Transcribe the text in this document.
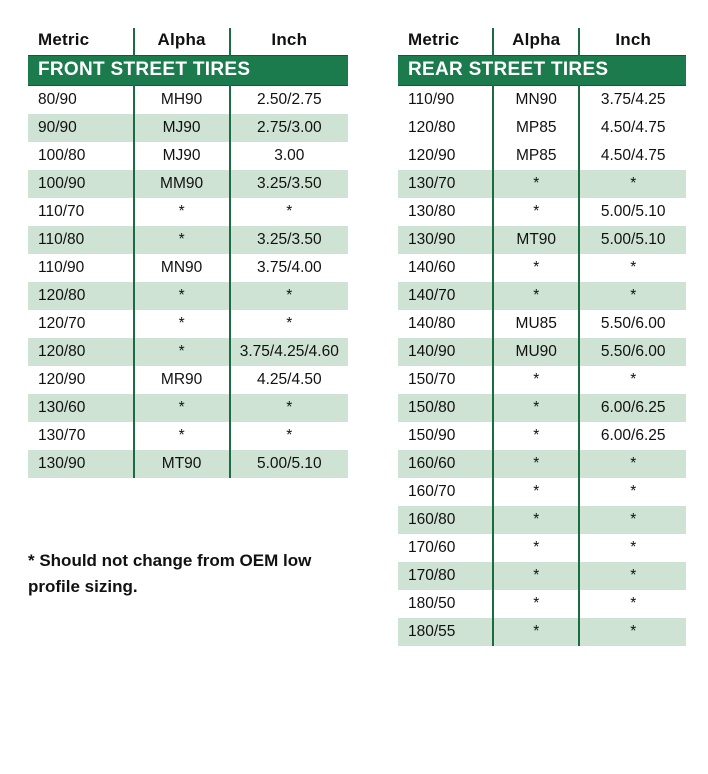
Metric	Alpha	Inch
FRONT STREET TIRES		
80/90	MH90	2.50/2.75
90/90	MJ90	2.75/3.00
100/80	MJ90	3.00
100/90	MM90	3.25/3.50
110/70	*	*
110/80	*	3.25/3.50
110/90	MN90	3.75/4.00
120/80	*	*
120/70	*	*
120/80	*	3.75/4.25/4.60
120/90	MR90	4.25/4.50
130/60	*	*
130/70	*	*
130/90	MT90	5.00/5.10
Metric	Alpha	Inch
REAR STREET TIRES		
110/90	MN90	3.75/4.25
120/80	MP85	4.50/4.75
120/90	MP85	4.50/4.75
130/70	*	*
130/80	*	5.00/5.10
130/90	MT90	5.00/5.10
140/60	*	*
140/70	*	*
140/80	MU85	5.50/6.00
140/90	MU90	5.50/6.00
150/70	*	*
150/80	*	6.00/6.25
150/90	*	6.00/6.25
160/60	*	*
160/70	*	*
160/80	*	*
170/60	*	*
170/80	*	*
180/50	*	*
180/55	*	*
* Should not change from OEM low profile sizing.
